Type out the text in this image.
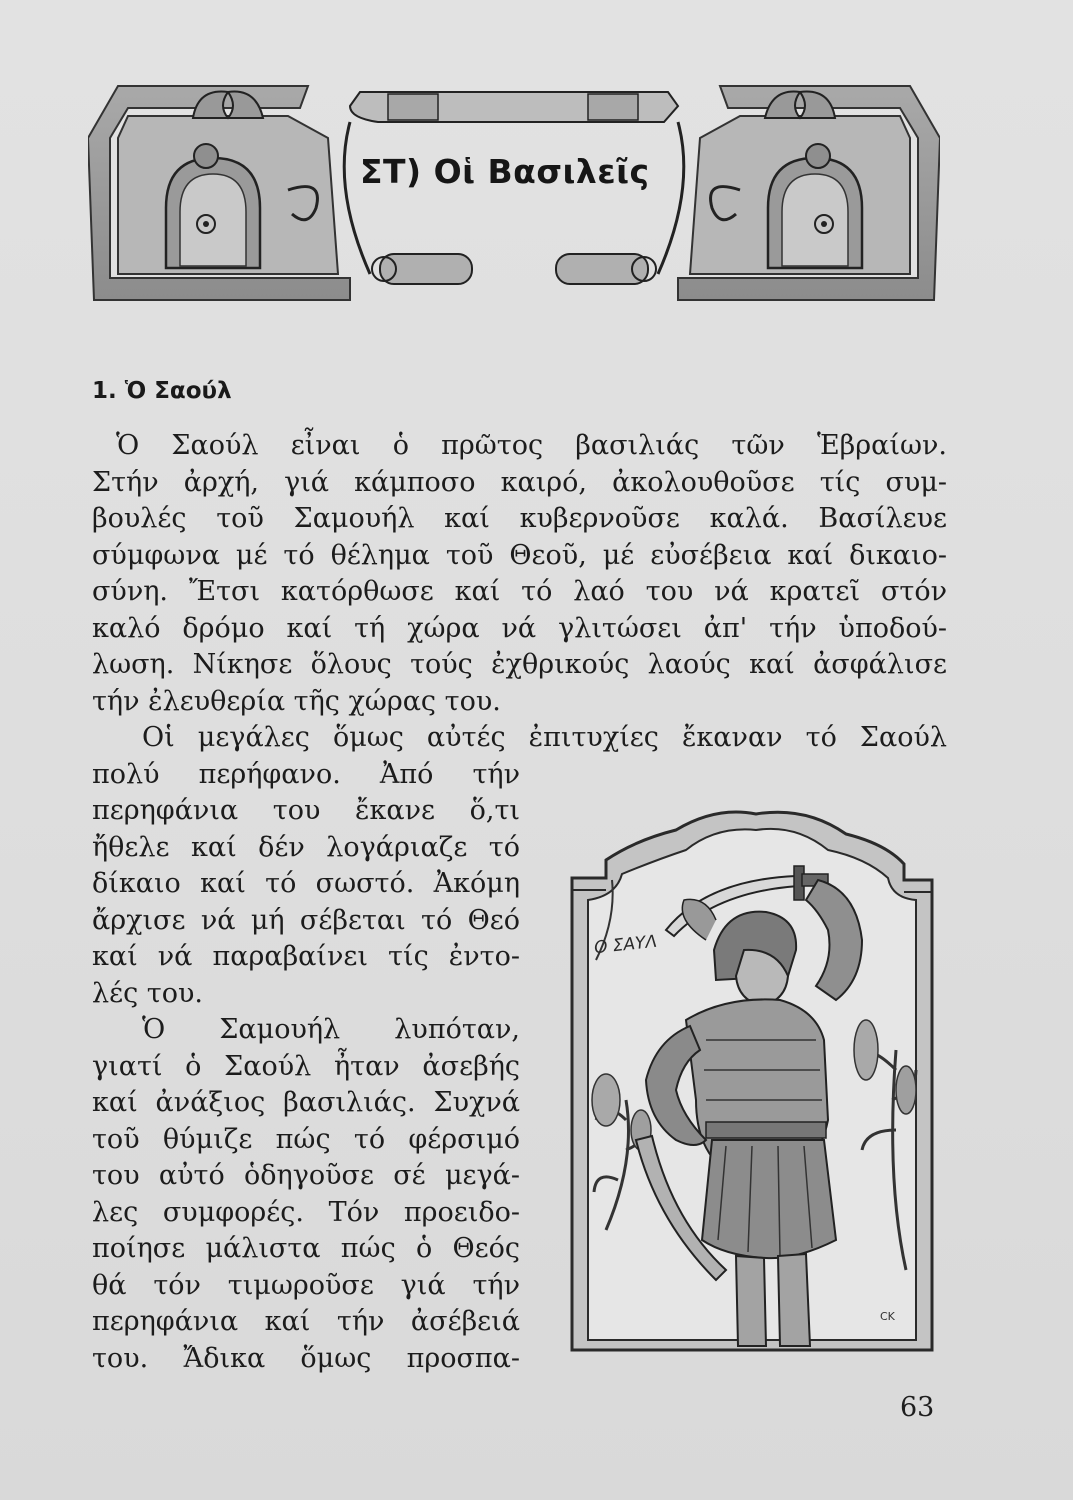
ΣΤ) Οἱ Βασιλεῖς
1. Ὁ Σαούλ
Ὁ Σαούλ εἶναι ὁ πρῶτος βασιλιάς τῶν Ἑβραίων.
Στήν ἀρχή, γιά κάμποσο καιρό, ἀκολουθοῦσε τίς συμ-
βουλές τοῦ Σαμουήλ καί κυβερνοῦσε καλά. Βασίλευε
σύμφωνα μέ τό θέλημα τοῦ Θεοῦ, μέ εὐσέβεια καί δικαιο-
σύνη. Ἔτσι κατόρθωσε καί τό λαό του νά κρατεῖ στόν
καλό δρόμο καί τή χώρα νά γλιτώσει ἀπ' τήν ὑποδού-
λωση. Νίκησε ὅλους τούς ἐχθρικούς λαούς καί ἀσφάλισε
τήν ἐλευθερία τῆς χώρας του.
Οἱ μεγάλες ὅμως αὐτές ἐπιτυχίες ἔκαναν τό Σαούλ
πολύ περήφανο. Ἀπό τήν
περηφάνια του ἔκανε ὅ,τι
ἤθελε καί δέν λογάριαζε τό
δίκαιο καί τό σωστό. Ἀκόμη
ἄρχισε νά μή σέβεται τό Θεό
καί νά παραβαίνει τίς ἐντο-
λές του.
Ὁ Σαμουήλ λυπόταν,
γιατί ὁ Σαούλ ἦταν ἀσεβής
καί ἀνάξιος βασιλιάς. Συχνά
τοῦ θύμιζε πώς τό φέρσιμό
του αὐτό ὁδηγοῦσε σέ μεγά-
λες συμφορές. Τόν προειδο-
ποίησε μάλιστα πώς ὁ Θεός
θά τόν τιμωροῦσε γιά τήν
περηφάνια καί τήν ἀσέβειά
του. Ἄδικα ὅμως προσπα-
CK
Ο ΣΑΥΛ
63
